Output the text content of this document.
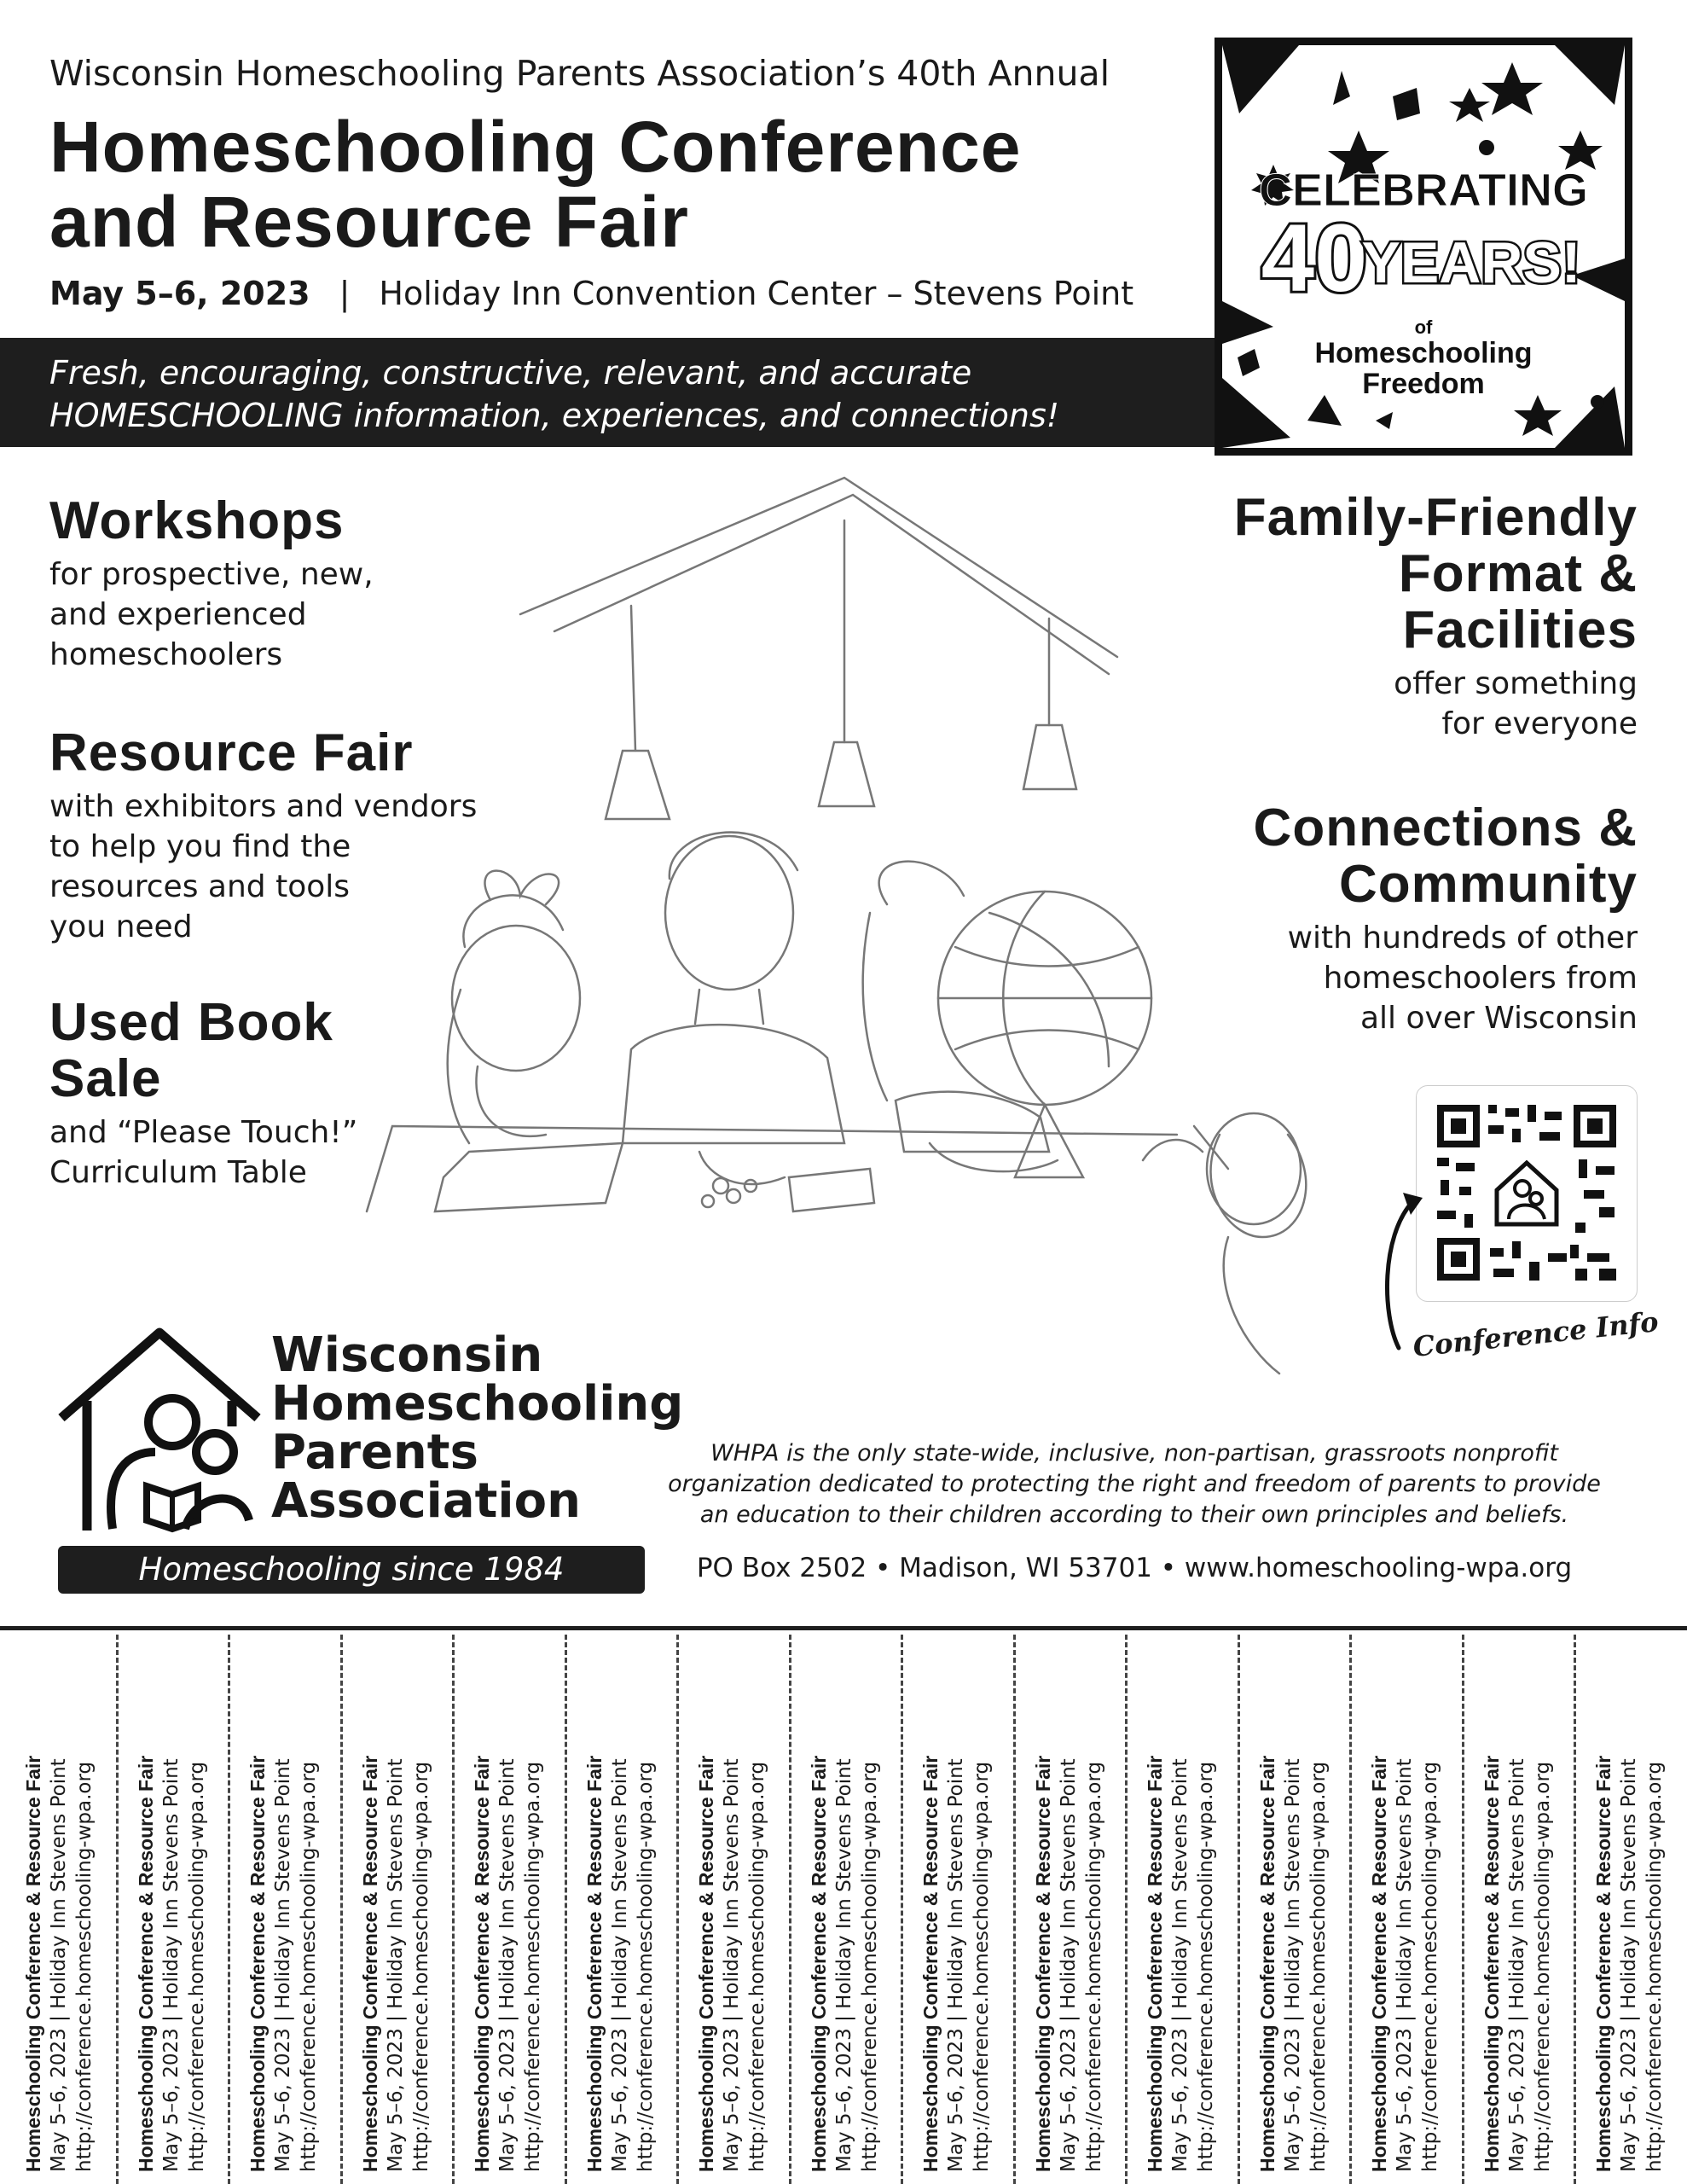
Wisconsin Homeschooling Parents Association’s 40th Annual
Homeschooling Conference
and Resource Fair
May 5–6, 2023 | Holiday Inn Convention Center – Stevens Point

Fresh, encouraging, constructive, relevant, and accurate
HOMESCHOOLING information, experiences, and connections!

CELEBRATING
40
YEARS!
of
Homeschooling
Freedom
Workshops
for prospective, new,
and experienced
homeschoolers
Resource Fair
with exhibitors and vendors
to help you find the
resources and tools
you need
Used Book
Sale
and “Please Touch!”
Curriculum Table
Family-Friendly
Format &
Facilities
offer something
for everyone
Connections &
Community
with hundreds of other
homeschoolers from
all over Wisconsin
Conference Info
Wisconsin
Homeschooling
Parents
Association
Homeschooling since 1984
WHPA is the only state-wide, inclusive, non-partisan, grassroots nonprofit
organization dedicated to protecting the right and freedom of parents to provide
an education to their children according to their own principles and beliefs.
PO Box 2502 • Madison, WI 53701 • www.homeschooling-wpa.org
Homeschooling Conference & Resource Fair May 5–6, 2023 | Holiday Inn Stevens Point http://conference.homeschooling-wpa.org Homeschooling Conference & Resource Fair May 5–6, 2023 | Holiday Inn Stevens Point http://conference.homeschooling-wpa.org Homeschooling Conference & Resource Fair May 5–6, 2023 | Holiday Inn Stevens Point http://conference.homeschooling-wpa.org Homeschooling Conference & Resource Fair May 5–6, 2023 | Holiday Inn Stevens Point http://conference.homeschooling-wpa.org Homeschooling Conference & Resource Fair May 5–6, 2023 | Holiday Inn Stevens Point http://conference.homeschooling-wpa.org Homeschooling Conference & Resource Fair May 5–6, 2023 | Holiday Inn Stevens Point http://conference.homeschooling-wpa.org Homeschooling Conference & Resource Fair May 5–6, 2023 | Holiday Inn Stevens Point http://conference.homeschooling-wpa.org Homeschooling Conference & Resource Fair May 5–6, 2023 | Holiday Inn Stevens Point http://conference.homeschooling-wpa.org Homeschooling Conference & Resource Fair May 5–6, 2023 | Holiday Inn Stevens Point http://conference.homeschooling-wpa.org Homeschooling Conference & Resource Fair May 5–6, 2023 | Holiday Inn Stevens Point http://conference.homeschooling-wpa.org Homeschooling Conference & Resource Fair May 5–6, 2023 | Holiday Inn Stevens Point http://conference.homeschooling-wpa.org Homeschooling Conference & Resource Fair May 5–6, 2023 | Holiday Inn Stevens Point http://conference.homeschooling-wpa.org Homeschooling Conference & Resource Fair May 5–6, 2023 | Holiday Inn Stevens Point http://conference.homeschooling-wpa.org Homeschooling Conference & Resource Fair May 5–6, 2023 | Holiday Inn Stevens Point http://conference.homeschooling-wpa.org Homeschooling Conference & Resource Fair May 5–6, 2023 | Holiday Inn Stevens Point http://conference.homeschooling-wpa.org
